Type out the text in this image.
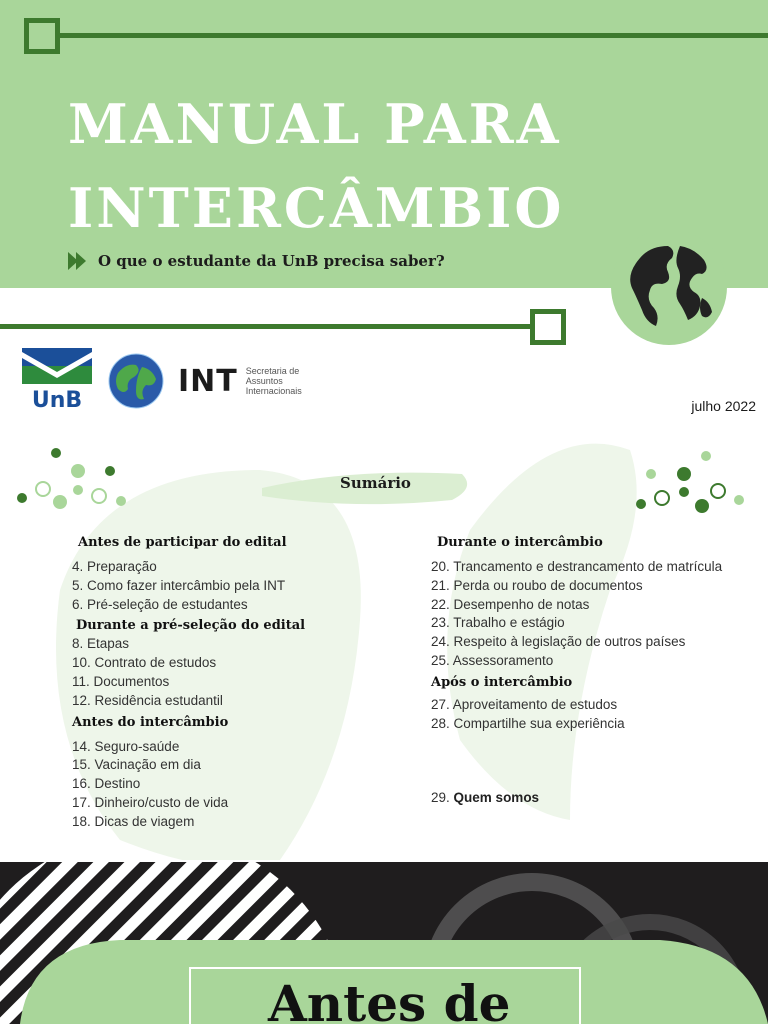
MANUAL PARA
INTERCÂMBIO
O que o estudante da UnB precisa saber?
UnB
INT Secretaria de Assuntos Internacionais
julho 2022
Sumário
Antes de participar do edital
4. Preparação
5. Como fazer intercâmbio pela INT
6. Pré-seleção de estudantes
Durante a pré-seleção do edital
8. Etapas
10. Contrato de estudos
11. Documentos
12. Residência estudantil
Antes do intercâmbio
14. Seguro-saúde
15. Vacinação em dia
16. Destino
17. Dinheiro/custo de vida
18. Dicas de viagem
Durante o intercâmbio
20. Trancamento e destrancamento de matrícula
21. Perda ou roubo de documentos
22. Desempenho de notas
23. Trabalho e estágio
24. Respeito à legislação de outros países
25. Assessoramento
Após o intercâmbio
27. Aproveitamento de estudos
28. Compartilhe sua experiência
29. Quem somos
Antes de
